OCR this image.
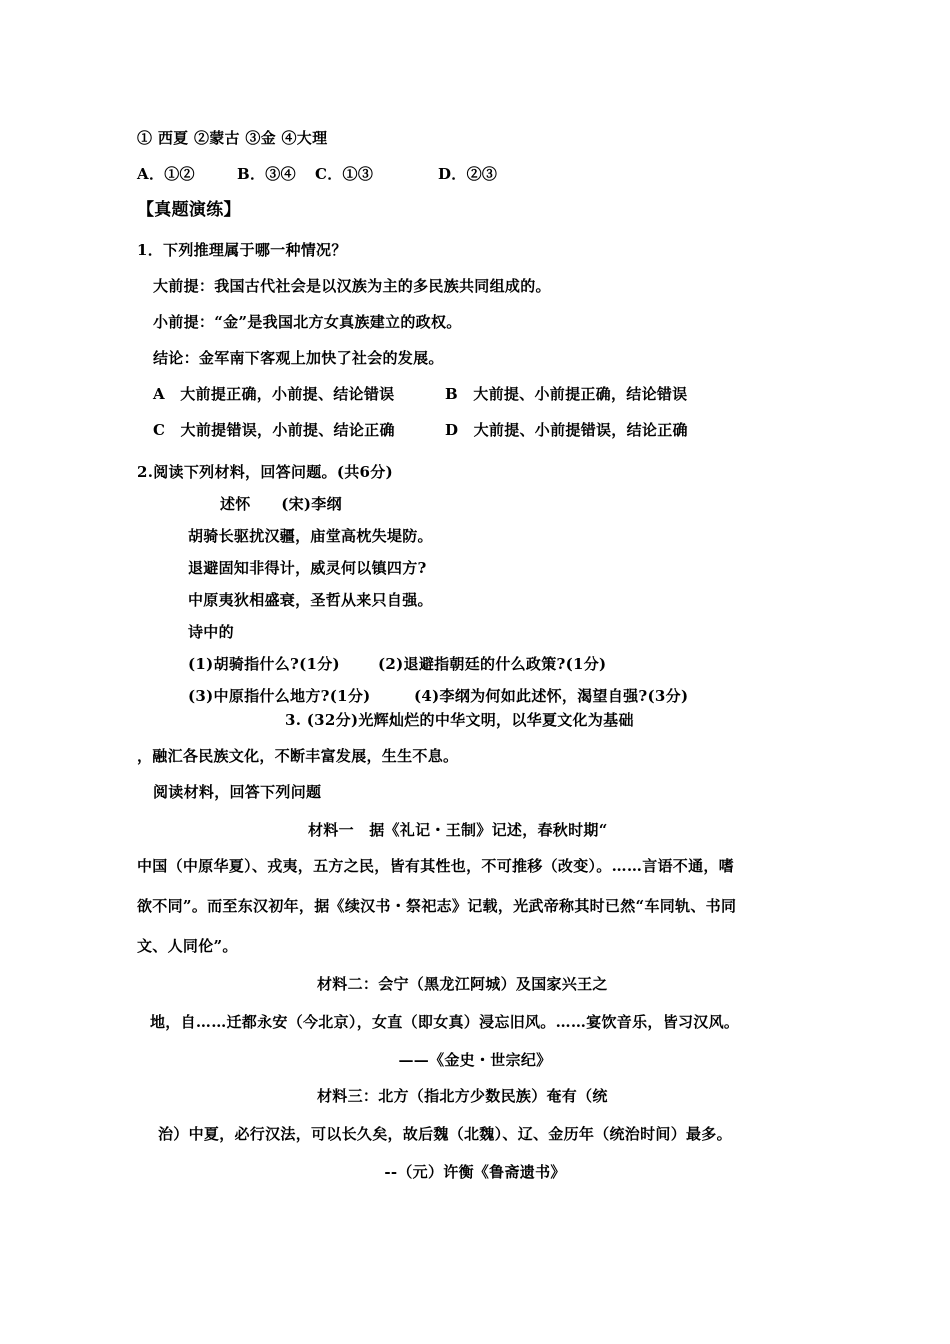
① 西夏 ②蒙古 ③金 ④大理
A．①②	B．③④ C．①③	D．②③
【真题演练】
1．下列推理属于哪一种情况？
大前提：我国古代社会是以汉族为主的多民族共同组成的。
小前提：“金”是我国北方女真族建立的政权。
结论：金军南下客观上加快了社会的发展。
A　大前提正确，小前提、结论错误	B　大前提、小前提正确，结论错误
C　大前提错误，小前提、结论正确	D　大前提、小前提错误，结论正确
2.阅读下列材料，回答问题。(共6分)
述怀　　(宋)李纲
胡骑长驱扰汉疆，庙堂高枕失堤防。
退避固知非得计，威灵何以镇四方?
中原夷狄相盛衰，圣哲从来只自强。
诗中的
(1)胡骑指什么?(1分)	(2)退避指朝廷的什么政策?(1分)
(3)中原指什么地方?(1分)	(4)李纲为何如此述怀，渴望自强?(3分)
3. (32分)光辉灿烂的中华文明，以华夏文化为基础
，融汇各民族文化，不断丰富发展，生生不息。
阅读材料，回答下列问题
材料一　据《礼记・王制》记述，春秋时期“
中国（中原华夏）、戎夷，五方之民，皆有其性也，不可推移（改变）。……言语不通，嗜
欲不同”。而至东汉初年，据《续汉书・祭祀志》记载，光武帝称其时已然“车同轨、书同
文、人同伦”。
材料二：会宁（黑龙江阿城）及国家兴王之
地，自……迁都永安（今北京），女直（即女真）浸忘旧风。……宴饮音乐，皆习汉风。
——《金史・世宗纪》
材料三：北方（指北方少数民族）奄有（统
治）中夏，必行汉法，可以长久矣，故后魏（北魏）、辽、金历年（统治时间）最多。
--（元）许衡《鲁斋遗书》
